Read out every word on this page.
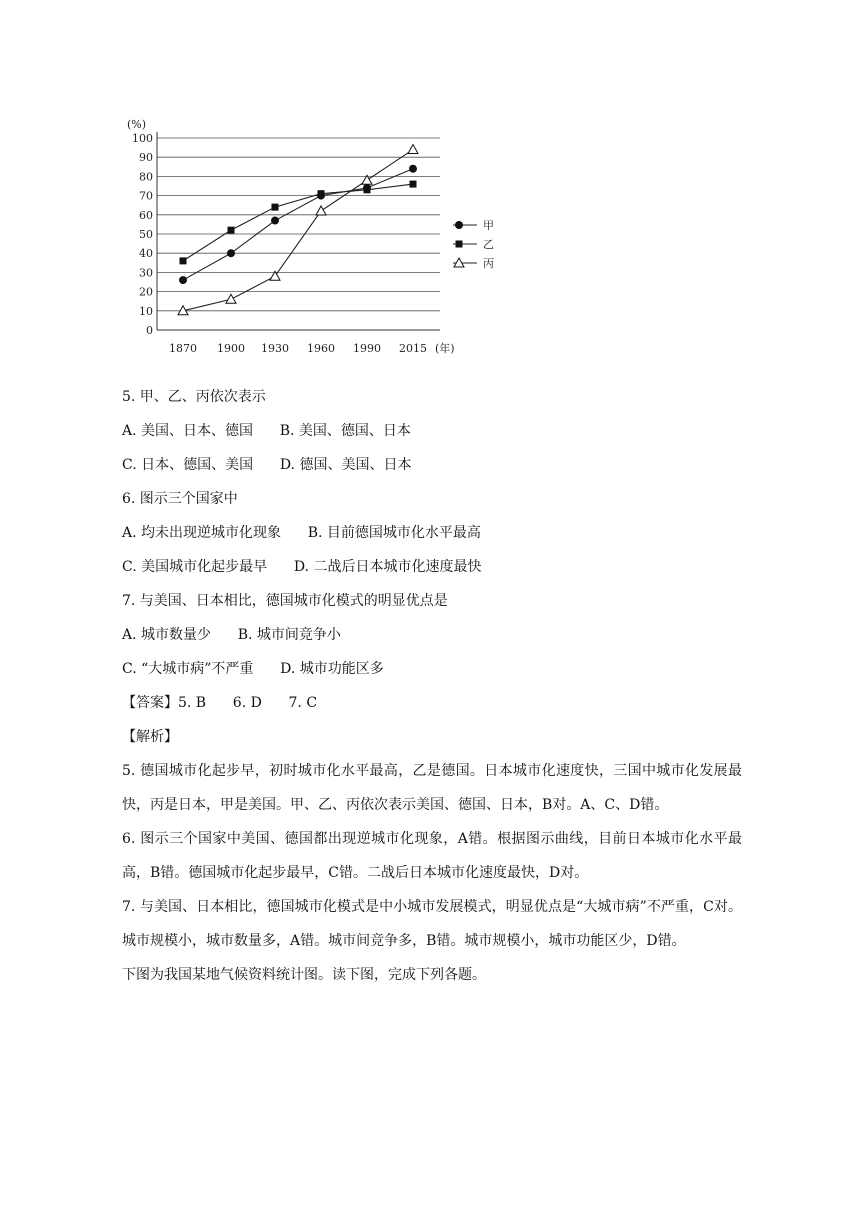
(%)
0
10
20
30
40
50
60
70
80
90
100
1870 1900 1930 1960 1990 2015 (年)
甲
乙
丙
5. 甲、乙、丙依次表示
A. 美国、日本、德国      B. 美国、德国、日本
C. 日本、德国、美国      D. 德国、美国、日本
6. 图示三个国家中
A. 均未出现逆城市化现象      B. 目前德国城市化水平最高
C. 美国城市化起步最早      D. 二战后日本城市化速度最快
7. 与美国、日本相比，德国城市化模式的明显优点是
A. 城市数量少      B. 城市间竞争小
C. “大城市病”不严重      D. 城市功能区多
【答案】5. B      6. D      7. C
【解析】
5. 德国城市化起步早，初时城市化水平最高，乙是德国。日本城市化速度快，三国中城市化发展最快，丙是日本，甲是美国。甲、乙、丙依次表示美国、德国、日本，B对。A、C、D错。
6. 图示三个国家中美国、德国都出现逆城市化现象，A错。根据图示曲线，目前日本城市化水平最高，B错。德国城市化起步最早，C错。二战后日本城市化速度最快，D对。
7. 与美国、日本相比，德国城市化模式是中小城市发展模式，明显优点是“大城市病”不严重，C对。城市规模小，城市数量多，A错。城市间竞争多，B错。城市规模小，城市功能区少，D错。
下图为我国某地气候资料统计图。读下图，完成下列各题。
